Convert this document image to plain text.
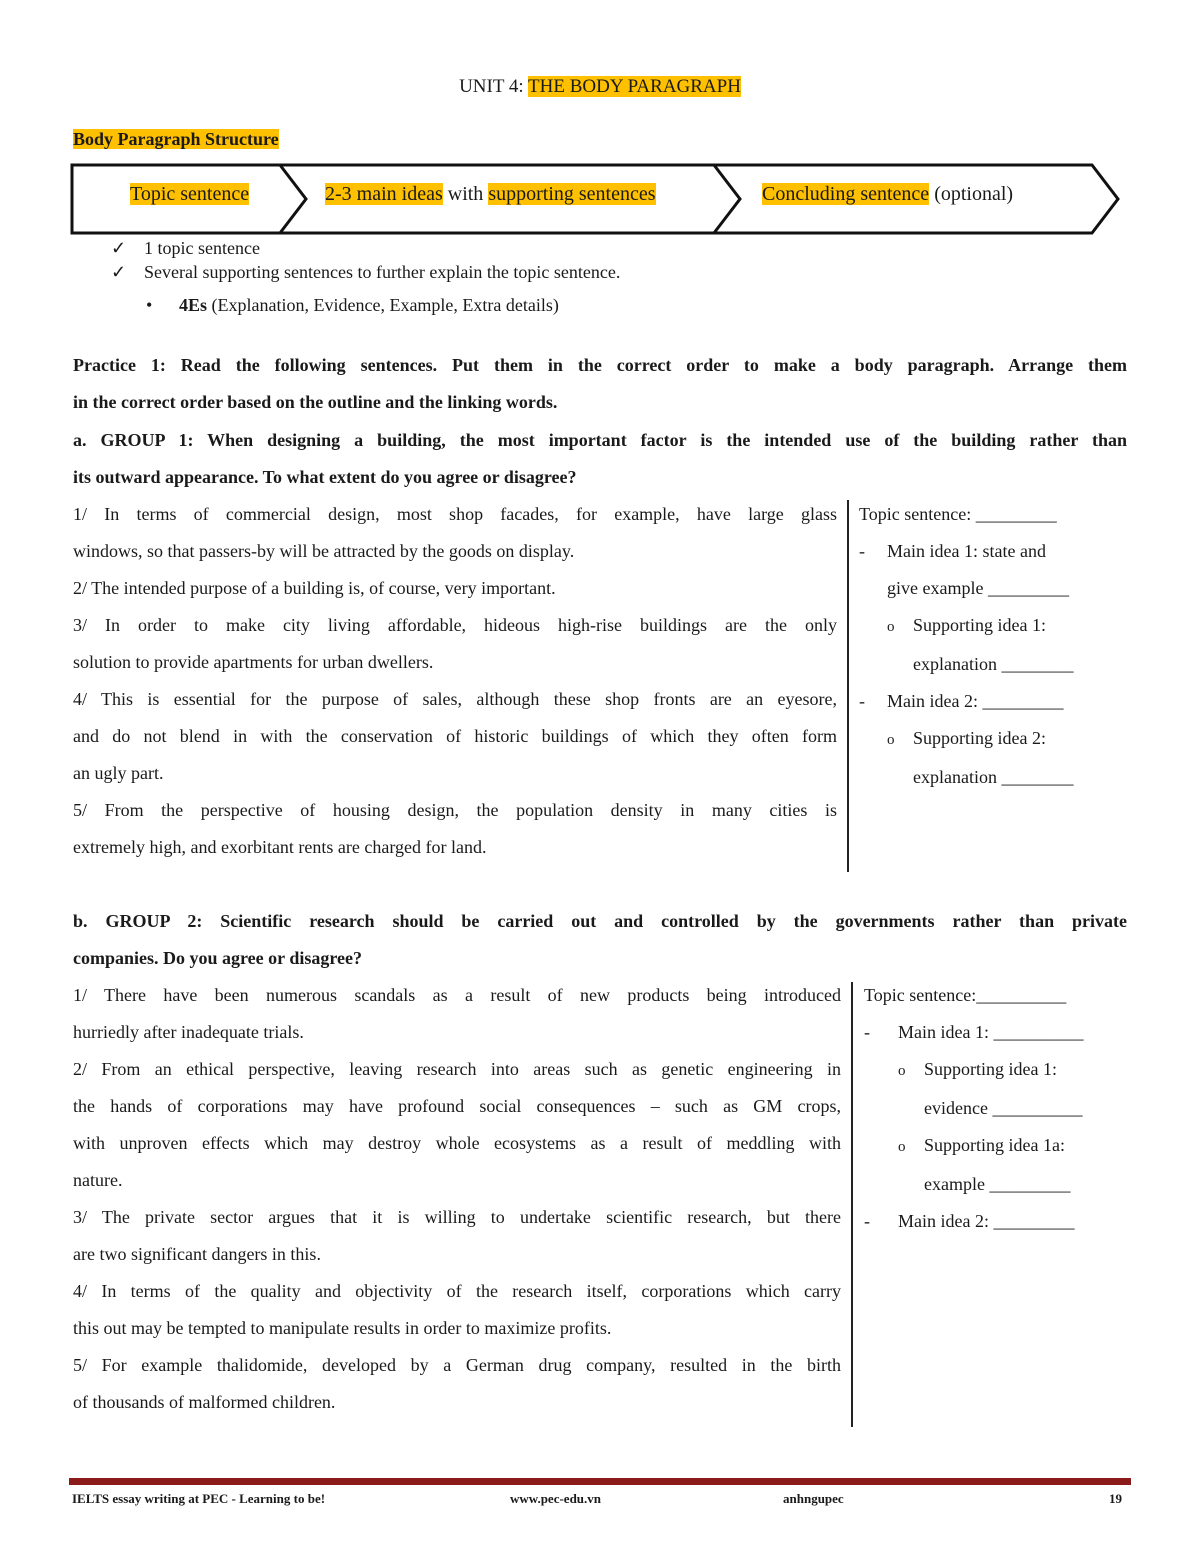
UNIT 4: THE BODY PARAGRAPH
Body Paragraph Structure
Topic sentence	2-3 main ideas with supporting sentences	Concluding sentence (optional)
✓ 1 topic sentence
✓ Several supporting sentences to further explain the topic sentence.
• 4Es (Explanation, Evidence, Example, Extra details)
Practice 1: Read the following sentences. Put them in the correct order to make a body paragraph. Arrange them
in the correct order based on the outline and the linking words.
a. GROUP 1: When designing a building, the most important factor is the intended use of the building rather than
its outward appearance. To what extent do you agree or disagree?
1/ In terms of commercial design, most shop facades, for example, have large glass
windows, so that passers-by will be attracted by the goods on display.
2/ The intended purpose of a building is, of course, very important.
3/ In order to make city living affordable, hideous high-rise buildings are the only
solution to provide apartments for urban dwellers.
4/ This is essential for the purpose of sales, although these shop fronts are an eyesore,
and do not blend in with the conservation of historic buildings of which they often form
an ugly part.
5/ From the perspective of housing design, the population density in many cities is
extremely high, and exorbitant rents are charged for land.
Topic sentence: _________
- Main idea 1: state and
give example _________
o Supporting idea 1:
explanation ________
- Main idea 2: _________
o Supporting idea 2:
explanation ________
b. GROUP 2: Scientific research should be carried out and controlled by the governments rather than private
companies. Do you agree or disagree?
1/ There have been numerous scandals as a result of new products being introduced
hurriedly after inadequate trials.
2/ From an ethical perspective, leaving research into areas such as genetic engineering in
the hands of corporations may have profound social consequences – such as GM crops,
with unproven effects which may destroy whole ecosystems as a result of meddling with
nature.
3/ The private sector argues that it is willing to undertake scientific research, but there
are two significant dangers in this.
4/ In terms of the quality and objectivity of the research itself, corporations which carry
this out may be tempted to manipulate results in order to maximize profits.
5/ For example thalidomide, developed by a German drug company, resulted in the birth
of thousands of malformed children.
Topic sentence:__________
- Main idea 1: __________
o Supporting idea 1:
evidence __________
o Supporting idea 1a:
example _________
- Main idea 2: _________
IELTS essay writing at PEC - Learning to be!	www.pec-edu.vn	anhngupec	19
